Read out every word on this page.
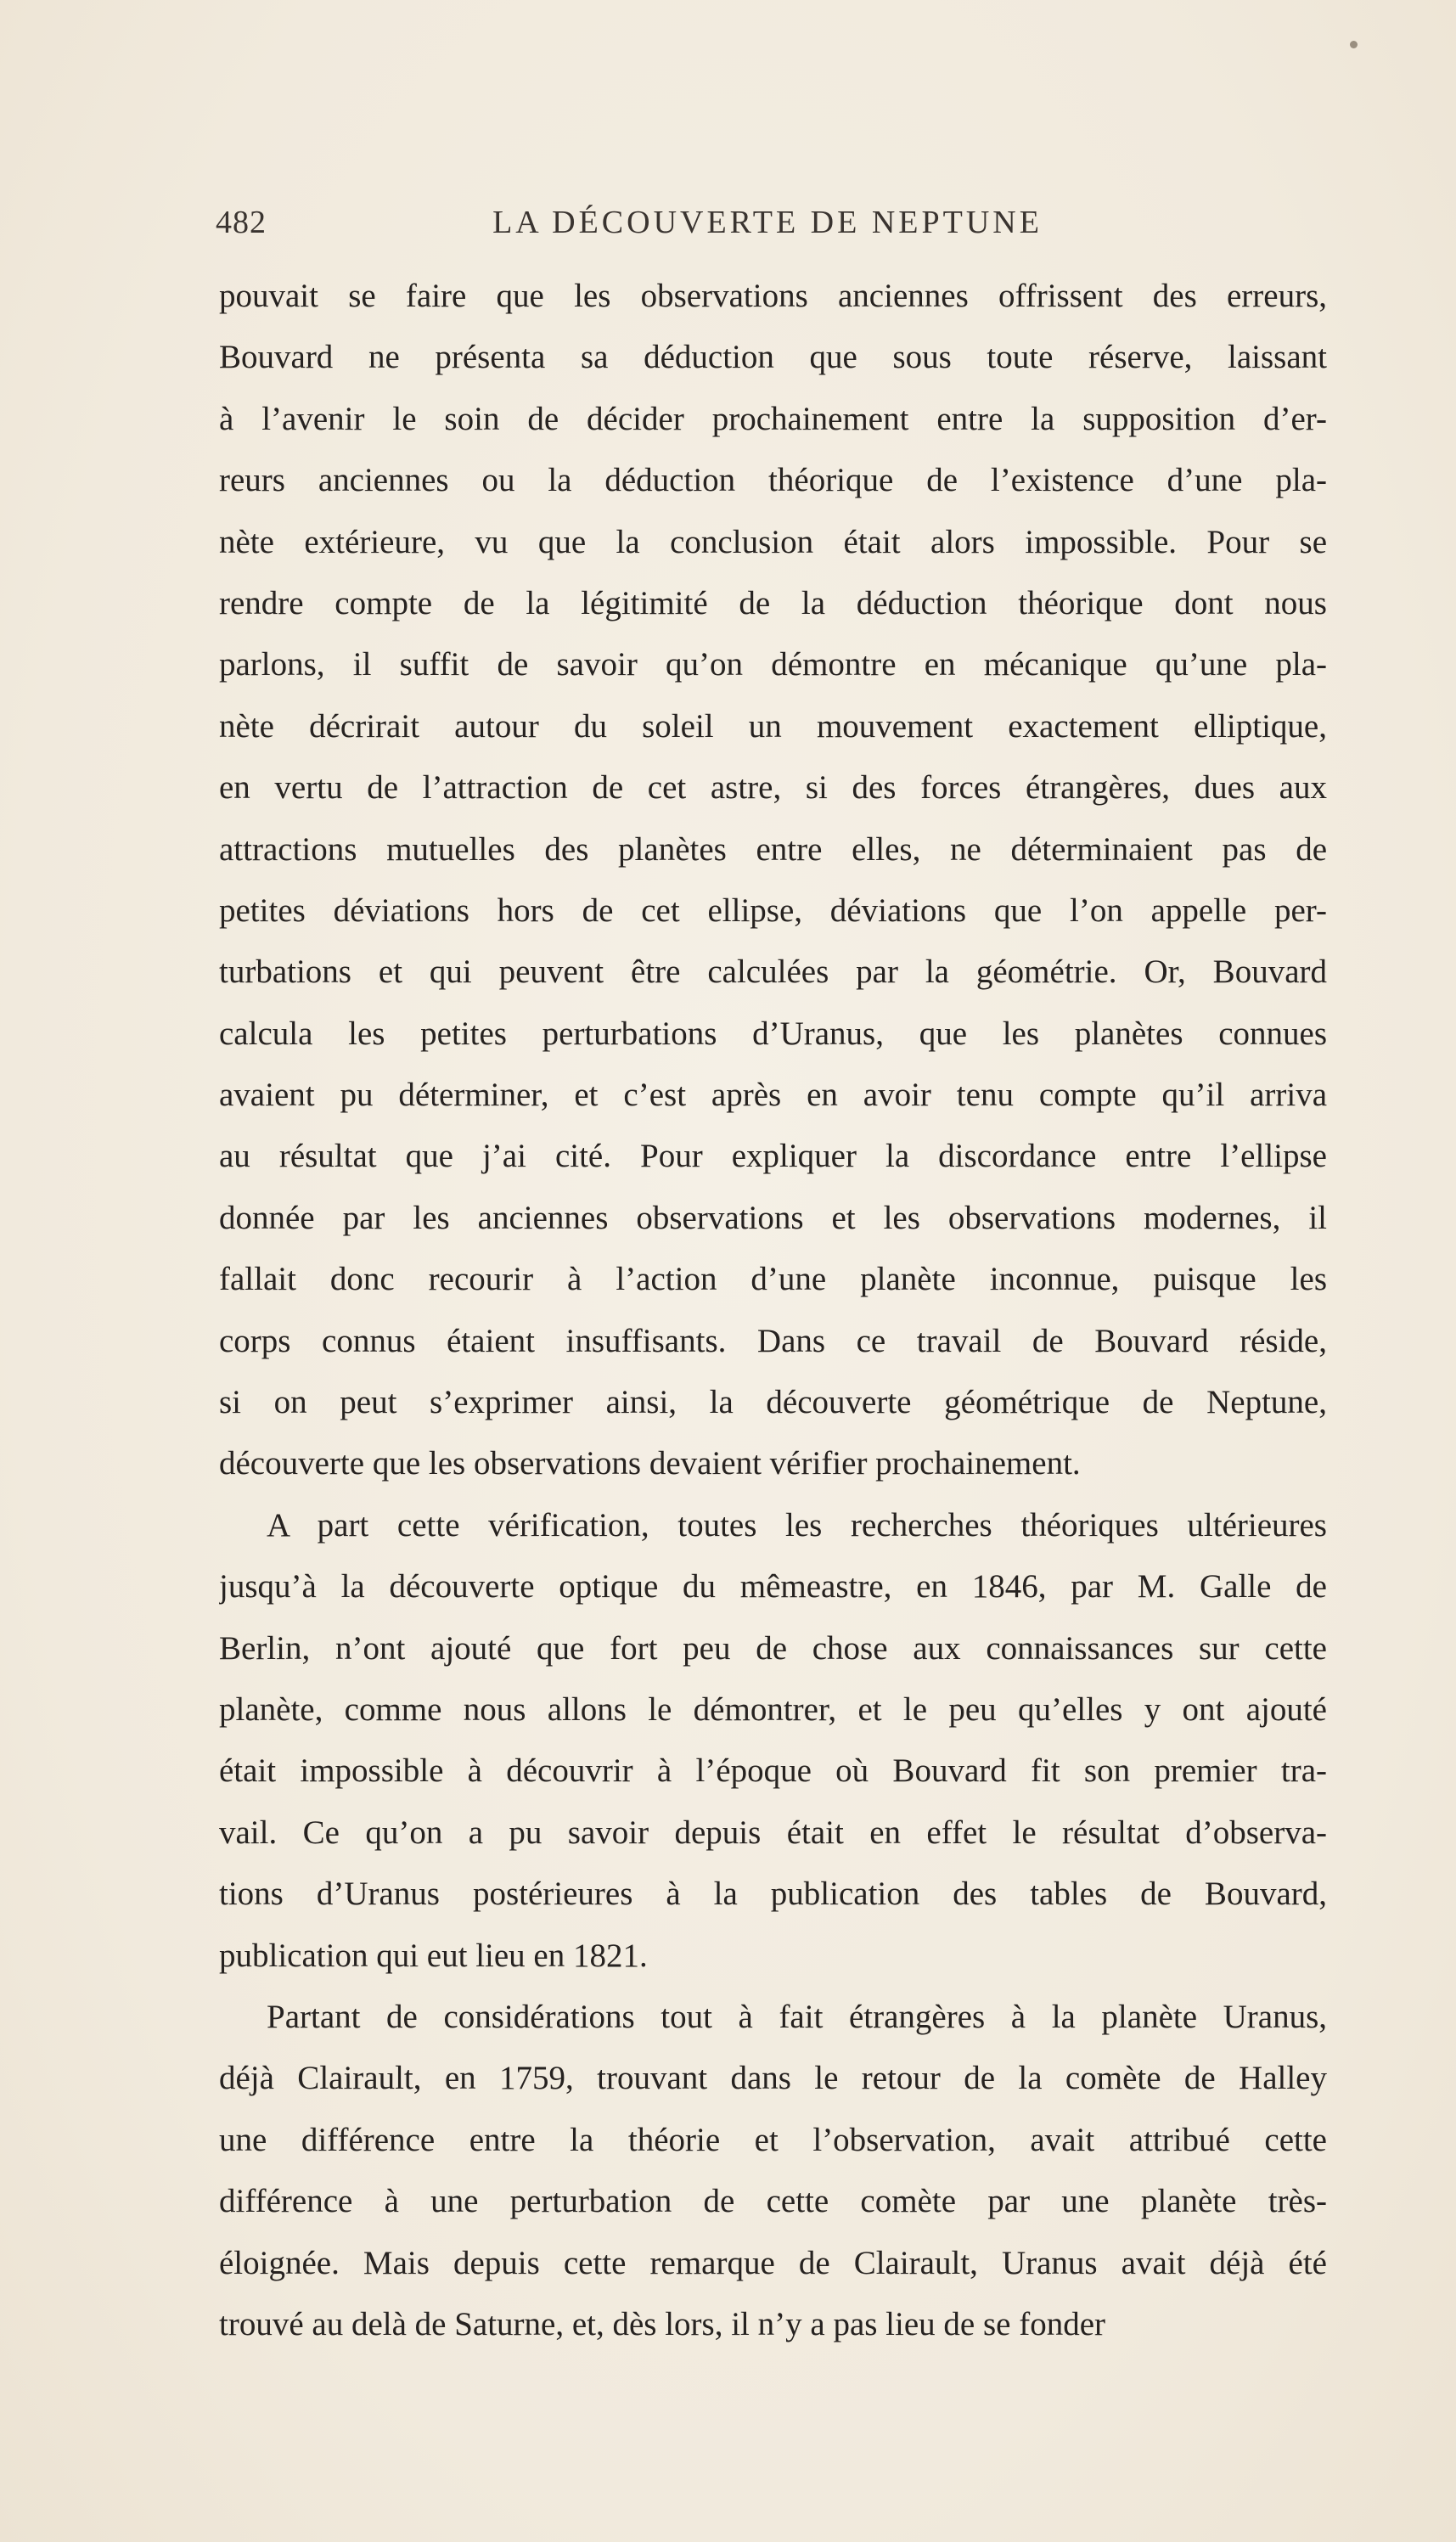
482	LA DÉCOUVERTE DE NEPTUNE
pouvait se faire que les observations anciennes offrissent des erreurs,
Bouvard ne présenta sa déduction que sous toute réserve, laissant
à l’avenir le soin de décider prochainement entre la supposition d’er-
reurs anciennes ou la déduction théorique de l’existence d’une pla-
nète extérieure, vu que la conclusion était alors impossible. Pour se
rendre compte de la légitimité de la déduction théorique dont nous
parlons, il suffit de savoir qu’on démontre en mécanique qu’une pla-
nète décrirait autour du soleil un mouvement exactement elliptique,
en vertu de l’attraction de cet astre, si des forces étrangères, dues aux
attractions mutuelles des planètes entre elles, ne déterminaient pas de
petites déviations hors de cet ellipse, déviations que l’on appelle per-
turbations et qui peuvent être calculées par la géométrie. Or, Bouvard
calcula les petites perturbations d’Uranus, que les planètes connues
avaient pu déterminer, et c’est après en avoir tenu compte qu’il arriva
au résultat que j’ai cité. Pour expliquer la discordance entre l’ellipse
donnée par les anciennes observations et les observations modernes, il
fallait donc recourir à l’action d’une planète inconnue, puisque les
corps connus étaient insuffisants. Dans ce travail de Bouvard réside,
si on peut s’exprimer ainsi, la découverte géométrique de Neptune,
découverte que les observations devaient vérifier prochainement.
A part cette vérification, toutes les recherches théoriques ultérieures
jusqu’à la découverte optique du mêmeastre, en 1846, par M. Galle de
Berlin, n’ont ajouté que fort peu de chose aux connaissances sur cette
planète, comme nous allons le démontrer, et le peu qu’elles y ont ajouté
était impossible à découvrir à l’époque où Bouvard fit son premier tra-
vail. Ce qu’on a pu savoir depuis était en effet le résultat d’observa-
tions d’Uranus postérieures à la publication des tables de Bouvard,
publication qui eut lieu en 1821.
Partant de considérations tout à fait étrangères à la planète Uranus,
déjà Clairault, en 1759, trouvant dans le retour de la comète de Halley
une différence entre la théorie et l’observation, avait attribué cette
différence à une perturbation de cette comète par une planète très-
éloignée. Mais depuis cette remarque de Clairault, Uranus avait déjà été
trouvé au delà de Saturne, et, dès lors, il n’y a pas lieu de se fonder
